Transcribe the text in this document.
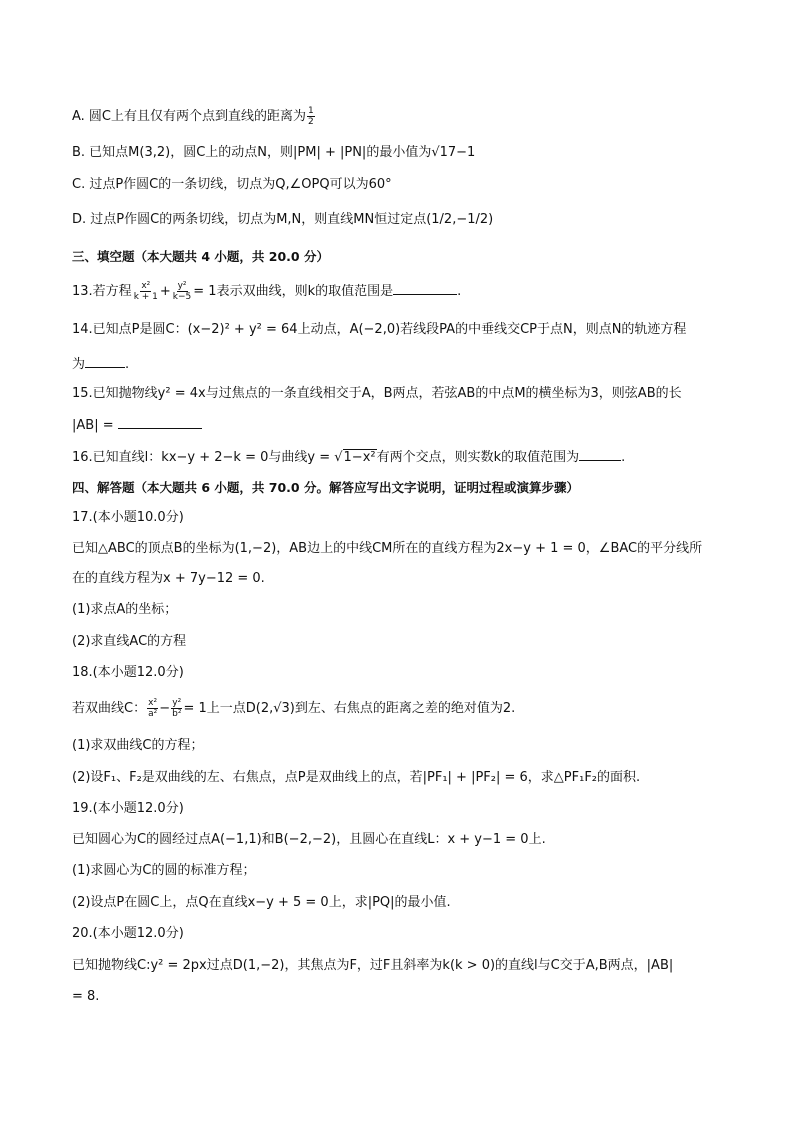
A. 圆C上有且仅有两个点到直线的距离为 $\frac{1}{2}$
B. 已知点M(3,2)，圆C上的动点N，则|PM| + |PN|的最小值为√17−1
C. 过点P作圆C的一条切线，切点为Q,∠OPQ可以为60°
D. 过点P作圆C的两条切线，切点为M,N，则直线MN恒过定点(1/2,−1/2)
三、填空题（本大题共 4 小题，共 20.0 分）
13.若方程 $\frac{\text{x²}}{k + 1} + \frac{\text{y²}}{k-5} = 1$表示双曲线，则k的取值范围是	.
14.已知点P是圆C：(x−2)² + y² = 64上动点，A(−2,0)若线段PA的中垂线交CP于点N，则点N的轨迹方程
为	.
15.已知抛物线y² = 4x与过焦点的一条直线相交于A，B两点，若弦AB的中点M的横坐标为3，则弦AB的长
|AB| =
16.已知直线l：kx−y + 2−k = 0与曲线y = √1−x²有两个交点，则实数k的取值范围为	.
四、解答题（本大题共 6 小题，共 70.0 分。解答应写出文字说明，证明过程或演算步骤）
17.(本小题10.0分)
已知△ABC的顶点B的坐标为(1,−2)，AB边上的中线CM所在的直线方程为2x−y + 1 = 0，∠BAC的平分线所
在的直线方程为x + 7y−12 = 0.
(1)求点A的坐标；
(2)求直线AC的方程
18.(本小题12.0分)
若双曲线C： $\frac{\text{x²}}{\text{a²}} - \frac{\text{y²}}{\text{b²}} = 1$上一点D(2,√3)到左、右焦点的距离之差的绝对值为2.
(1)求双曲线C的方程；
(2)设F₁、F₂是双曲线的左、右焦点，点P是双曲线上的点，若|PF₁| + |PF₂| = 6，求△PF₁F₂的面积.
19.(本小题12.0分)
已知圆心为C的圆经过点A(−1,1)和B(−2,−2)，且圆心在直线L：x + y−1 = 0上.
(1)求圆心为C的圆的标准方程；
(2)设点P在圆C上，点Q在直线x−y + 5 = 0上，求|PQ|的最小值.
20.(本小题12.0分)
已知抛物线C:y² = 2px过点D(1,−2)，其焦点为F，过F且斜率为k(k > 0)的直线l与C交于A,B两点，|AB|
= 8.
